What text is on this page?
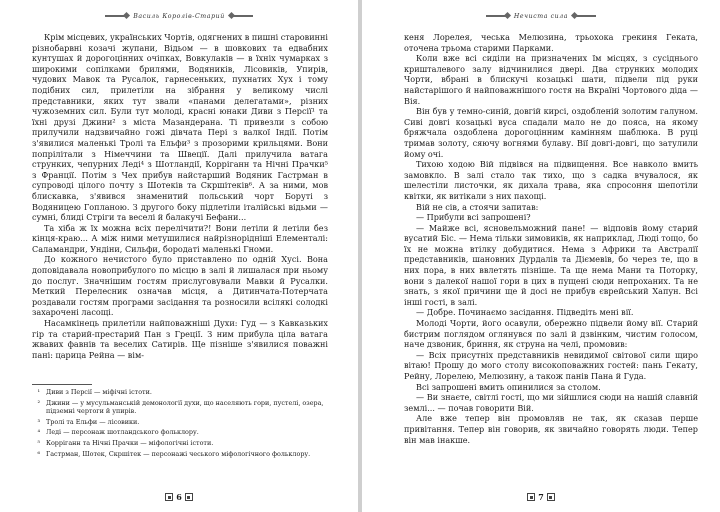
Василь Королів-Старий

Крім місцевих, українських Чортів, одягнених в пишні старовинні різнобарвні козачі жупани, Відьом — в шовкових та едвабних кунтушах й дорогоцінних очіпках, Вовкулаків — в їхніх чумарках з широкими сопілками брилями, Водяників, Лісовиків, Упирів, чудових Мавок та Русалок, гарнесеньких, пухнатих Хух і тому подібних сил, прилетіли на зібрання у великому числі представники, яких тут звали «панами делегатами», різних чужоземних сил. Були тут молоді, красні юнаки Диви з Персії¹ та їхні друзі Джини² з міста Мазандерана. Ті привезли з собою прилучили надзвичайно гожі дівчата Пері з валкої Індії. Потім з'явилися маленькі Тролі та Ельфи³ з прозорими крильцями. Вони попрілітали з Німеччини та Швеції. Далі прилучила ватага струнких, чепурних Леді⁴ з Шотландії, Корріганн та Нічні Прачки⁵ з Франції. Потім з Чех прибув найстарший Водяник Гастрман в супроводі цілого почту з Шотеків та Скршітеків⁶. А за ними, мов блискавка, з'явився знаменитий польський чорт Боруті з Водяницею Гопланою. З другого боку підлетіли італійські відьми — сумні, блиді Стріги та веселі й балакучі Бефани...

Та хіба ж їх можна всіх перелічити?! Вони летіли й летіли без кінця-краю... А між ними метушилися найрізнорідніші Елементалі: Саламандри, Ундіни, Сильфи, бородаті маленькі Гноми.

До кожного нечистого було приставлено по одній Хусі. Вона доповідавала новоприбулого по місцю в залі й лишалася при ньому до послуг. Значнішим гостям прислуговували Мавки й Русалки. Меткий Перелесник означав місця, а Дитинчата-Потерчата роздавали гостям програми засідання та розносили всілякі солодкі захарочені ласощі.

Насамкінець прилетіли найповажніші Духи: Гуд — з Кавказьких гір та старий-престарий Пан з Греції. З ним прибула ціла ватага жвавих фавнів та веселих Сатирів. Ще пізніше з'явилися поважні пані: царица Рейна — вім-

¹ Диви з Персії — міфічні істоти.
² Джини — у мусульманській демонології духи, що населяють гори, пустелі, озера, підземні чертоги й упирів.
³ Тролі та Ельфи — лісовики.
⁴ Леді — персонаж шотландського фольклору.
⁵ Корріганн та Нічні Прачки — міфологічні істоти.
⁶ Гастрман, Шотек, Скршітек — персонажі чеського міфологічного фольклору.
6
Нечиста сила

кеня Лорелея, чеська Мелюзина, трьохока грекиня Геката, оточена трьома старими Парками.

Коли вже всі сиділи на призначених їм місцях, з сусіднього кришталевого залу відчинилися двері. Два струнких молодих Чорти, вбрані в блискучі козацькі шати, підвели під руки найстарішого й найповажнішого гостя на Вкраїні Чортового діда — Вія.

Він був у темно-синій, довгій кирсі, оздобленій золотим галуном. Сиві довгі козацькі вуса спадали мало не до пояса, на якому бряжчала оздоблена дорогоцінним камінням шаблюка. В руці тримав золоту, сяючу вогнями булаву. Вії довгі-довгі, що затулили йому очі.

Тихою ходою Вій підвівся на підвищення. Все навколо вмить замовкло. В залі стало так тихо, що з садка вчувалося, як шелестіли листочки, як дихала трава, яка спросоння шепотіли квітки, як витікали з них пахощі.

Вій не сів, а стоячи запитав:

— Прибули всі запрошені?

— Майже всі, ясновельможний пане! — відповів йому старий вусатий Біс. — Нема тільки зимовиків, як наприклад, Люді тощо, бо їх не можна втілку добудитися. Нема з Африки та Австралії представників, шановних Дурдалів та Діємевів, бо через те, що в них пора, в них ввлетять пізніше. Та ще нема Мани та Поторку, вони з далекої нашої гори в цих в пущені сюди непроханих. Та не знать, з якої причини ще й досі не прибув єврейський Хапун. Всі інші гості, в залі.

— Добре. Починаємо засідання. Підведіть мені вії.

Молоді Чорти, його осавули, обережно підвели йому вії. Старий бистрим поглядом оглянувся по залі й дзвінким, чистим голосом, наче дзвоник, бриння, як струна на челі, промовив:

— Всіх присутніх представників невидимої світової сили щиро вітаю! Прошу до мого столу високоповажних гостей: пань Гекату, Рейну, Лорелею, Мелюзину, а також панів Пана й Гуда.

Всі запрошені вмить опинилися за столом.

— Ви знаєте, світлі гості, що ми зійшлися сюди на нашій славній землі... — почав говорити Вій.

Але вже тепер він промовляв не так, як сказав перше привітання. Тепер він говорив, як звичайно говорять люди. Тепер він мав інакше.

7
